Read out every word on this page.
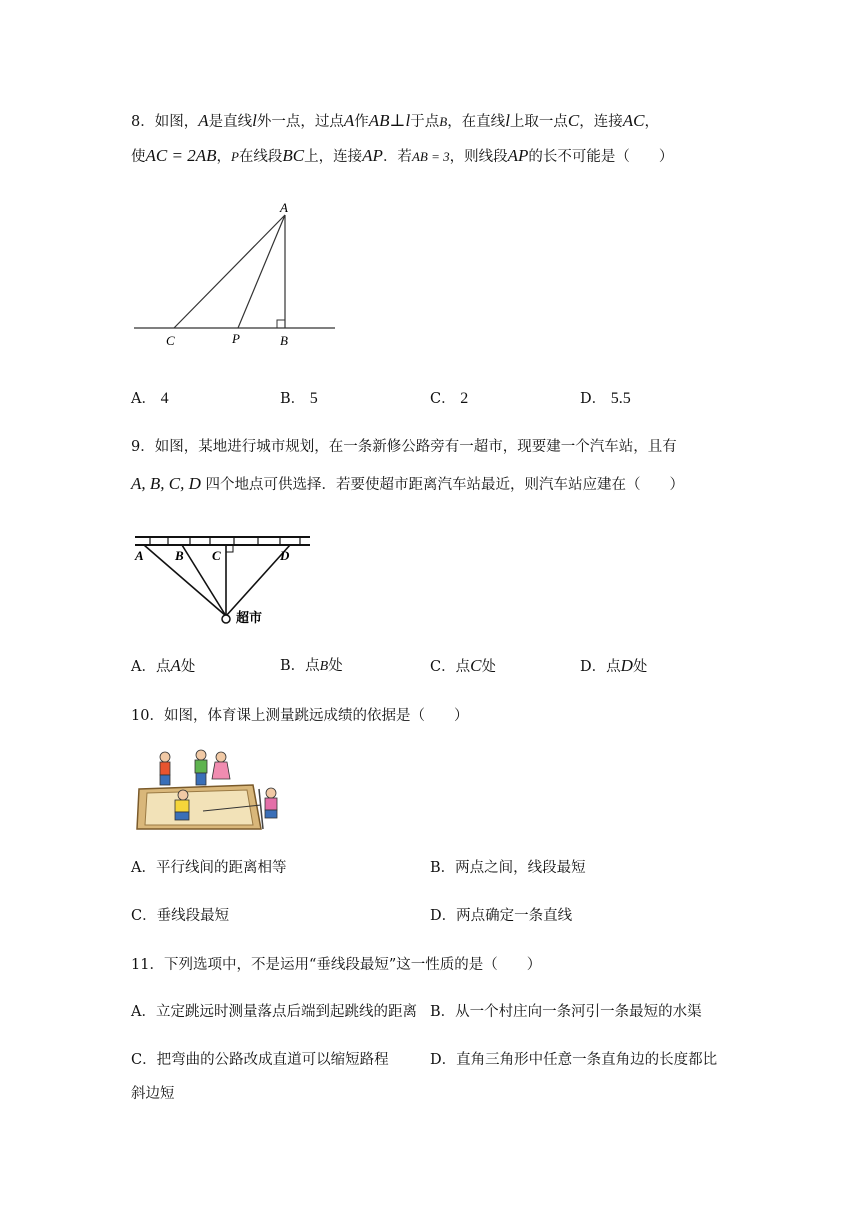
8．如图，A是直线l外一点，过点A作AB⊥l于点B，在直线l上取一点C，连接AC，
使AC = 2AB，P在线段BC上，连接AP．若AB = 3，则线段AP的长不可能是（　　）
A
C	P	B
A． 4	B． 5	C． 2	D． 5.5
9．如图，某地进行城市规划，在一条新修公路旁有一超市，现要建一个汽车站，且有
A, B, C, D 四个地点可供选择．若要使超市距离汽车站最近，则汽车站应建在（　　）
A B C	D
超市
A．点A处	B．点B处	C．点C处	D．点D处
10．如图，体育课上测量跳远成绩的依据是（　　）
A．平行线间的距离相等	B．两点之间，线段最短
C．垂线段最短	D．两点确定一条直线
11．下列选项中，不是运用“垂线段最短”这一性质的是（　　）
A．立定跳远时测量落点后端到起跳线的距离 B．从一个村庄向一条河引一条最短的水渠
C．把弯曲的公路改成直道可以缩短路程	D．直角三角形中任意一条直角边的长度都比
斜边短
